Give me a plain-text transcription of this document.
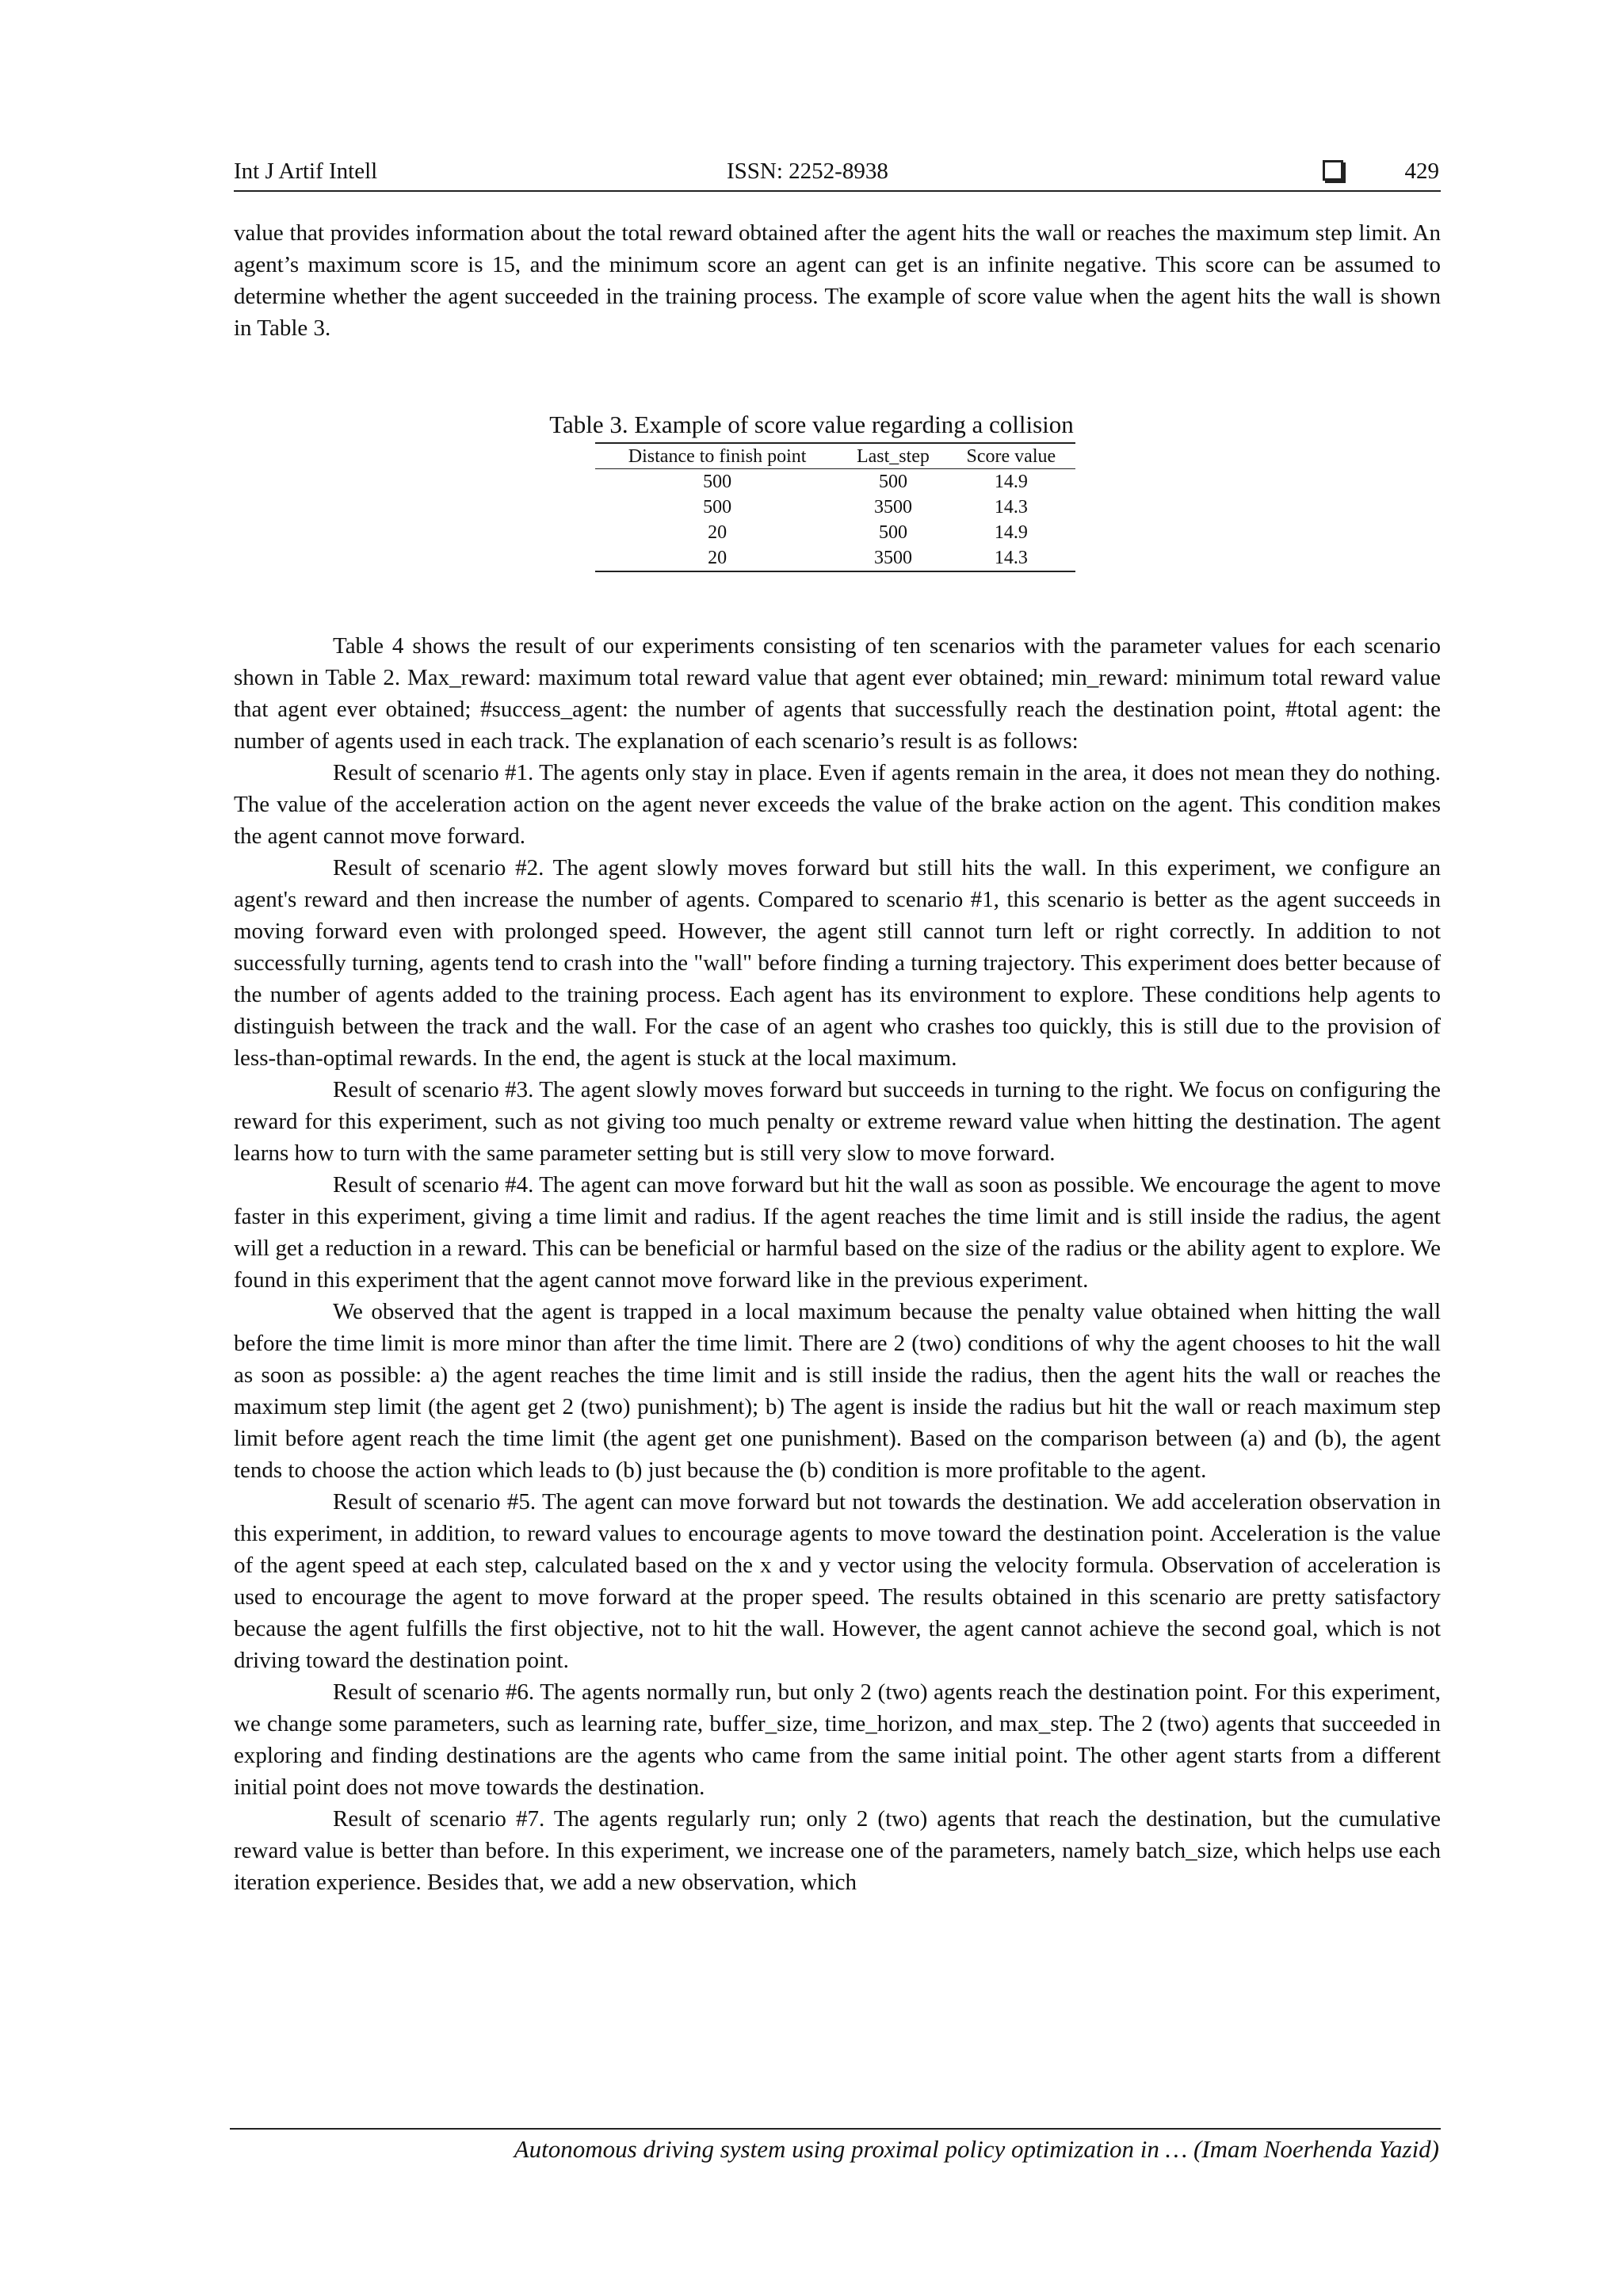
Int J Artif Intell	ISSN: 2252-8938	429

value that provides information about the total reward obtained after the agent hits the wall or reaches the maximum step limit. An agent’s maximum score is 15, and the minimum score an agent can get is an infinite negative. This score can be assumed to determine whether the agent succeeded in the training process. The example of score value when the agent hits the wall is shown in Table 3.

Table 3. Example of score value regarding a collision
Distance to finish point	Last_step	Score value
500	500	14.9
500	3500	14.3
20	500	14.9
20	3500	14.3

Table 4 shows the result of our experiments consisting of ten scenarios with the parameter values for each scenario shown in Table 2. Max_reward: maximum total reward value that agent ever obtained; min_reward: minimum total reward value that agent ever obtained; #success_agent: the number of agents that successfully reach the destination point, #total agent: the number of agents used in each track. The explanation of each scenario’s result is as follows:

Result of scenario #1. The agents only stay in place. Even if agents remain in the area, it does not mean they do nothing. The value of the acceleration action on the agent never exceeds the value of the brake action on the agent. This condition makes the agent cannot move forward.

Result of scenario #2. The agent slowly moves forward but still hits the wall. In this experiment, we configure an agent's reward and then increase the number of agents. Compared to scenario #1, this scenario is better as the agent succeeds in moving forward even with prolonged speed. However, the agent still cannot turn left or right correctly. In addition to not successfully turning, agents tend to crash into the "wall" before finding a turning trajectory. This experiment does better because of the number of agents added to the training process. Each agent has its environment to explore. These conditions help agents to distinguish between the track and the wall. For the case of an agent who crashes too quickly, this is still due to the provision of less-than-optimal rewards. In the end, the agent is stuck at the local maximum.

Result of scenario #3. The agent slowly moves forward but succeeds in turning to the right. We focus on configuring the reward for this experiment, such as not giving too much penalty or extreme reward value when hitting the destination. The agent learns how to turn with the same parameter setting but is still very slow to move forward.

Result of scenario #4. The agent can move forward but hit the wall as soon as possible. We encourage the agent to move faster in this experiment, giving a time limit and radius. If the agent reaches the time limit and is still inside the radius, the agent will get a reduction in a reward. This can be beneficial or harmful based on the size of the radius or the ability agent to explore. We found in this experiment that the agent cannot move forward like in the previous experiment.

We observed that the agent is trapped in a local maximum because the penalty value obtained when hitting the wall before the time limit is more minor than after the time limit. There are 2 (two) conditions of why the agent chooses to hit the wall as soon as possible: a) the agent reaches the time limit and is still inside the radius, then the agent hits the wall or reaches the maximum step limit (the agent get 2 (two) punishment); b) The agent is inside the radius but hit the wall or reach maximum step limit before agent reach the time limit (the agent get one punishment). Based on the comparison between (a) and (b), the agent tends to choose the action which leads to (b) just because the (b) condition is more profitable to the agent.

Result of scenario #5. The agent can move forward but not towards the destination. We add acceleration observation in this experiment, in addition, to reward values to encourage agents to move toward the destination point. Acceleration is the value of the agent speed at each step, calculated based on the x and y vector using the velocity formula. Observation of acceleration is used to encourage the agent to move forward at the proper speed. The results obtained in this scenario are pretty satisfactory because the agent fulfills the first objective, not to hit the wall. However, the agent cannot achieve the second goal, which is not driving toward the destination point.

Result of scenario #6. The agents normally run, but only 2 (two) agents reach the destination point. For this experiment, we change some parameters, such as learning rate, buffer_size, time_horizon, and max_step. The 2 (two) agents that succeeded in exploring and finding destinations are the agents who came from the same initial point. The other agent starts from a different initial point does not move towards the destination.

Result of scenario #7. The agents regularly run; only 2 (two) agents that reach the destination, but the cumulative reward value is better than before. In this experiment, we increase one of the parameters, namely batch_size, which helps use each iteration experience. Besides that, we add a new observation, which

Autonomous driving system using proximal policy optimization in … (Imam Noerhenda Yazid)
